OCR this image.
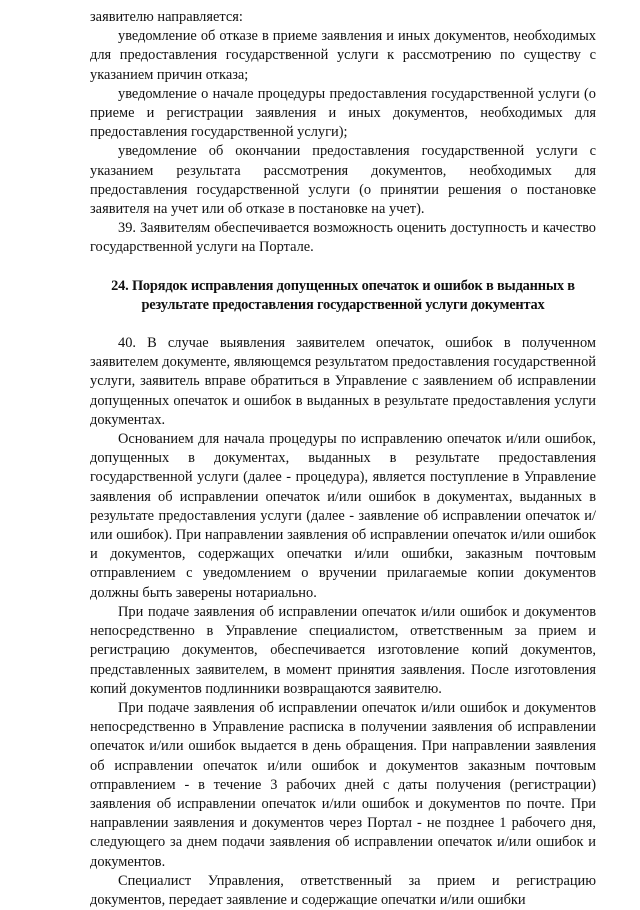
заявителю направляется:

уведомление об отказе в приеме заявления и иных документов, необходимых для предоставления государственной услуги к рассмотрению по существу с указанием причин отказа;

уведомление о начале процедуры предоставления государственной услуги (о приеме и регистрации заявления и иных документов, необходимых для предоставления государственной услуги);

уведомление об окончании предоставления государственной услуги с указанием результата рассмотрения документов, необходимых для предоставления государственной услуги (о принятии решения о постановке заявителя на учет или об отказе в постановке на учет).

39. Заявителям обеспечивается возможность оценить доступность и качество государственной услуги на Портале.

24. Порядок исправления допущенных опечаток и ошибок в выданных в результате предоставления государственной услуги документах

40. В случае выявления заявителем опечаток, ошибок в полученном заявителем документе, являющемся результатом предоставления государственной услуги, заявитель вправе обратиться в Управление с заявлением об исправлении допущенных опечаток и ошибок в выданных в результате предоставления услуги документах.

Основанием для начала процедуры по исправлению опечаток и/или ошибок, допущенных в документах, выданных в результате предоставления государственной услуги (далее - процедура), является поступление в Управление заявления об исправлении опечаток и/или ошибок в документах, выданных в результате предоставления услуги (далее - заявление об исправлении опечаток и/или ошибок). При направлении заявления об исправлении опечаток и/или ошибок и документов, содержащих опечатки и/или ошибки, заказным почтовым отправлением с уведомлением о вручении прилагаемые копии документов должны быть заверены нотариально.

При подаче заявления об исправлении опечаток и/или ошибок и документов непосредственно в Управление специалистом, ответственным за прием и регистрацию документов, обеспечивается изготовление копий документов, представленных заявителем, в момент принятия заявления. После изготовления копий документов подлинники возвращаются заявителю.

При подаче заявления об исправлении опечаток и/или ошибок и документов непосредственно в Управление расписка в получении заявления об исправлении опечаток и/или ошибок выдается в день обращения. При направлении заявления об исправлении опечаток и/или ошибок и документов заказным почтовым отправлением - в течение 3 рабочих дней с даты получения (регистрации) заявления об исправлении опечаток и/или ошибок и документов по почте. При направлении заявления и документов через Портал - не позднее 1 рабочего дня, следующего за днем подачи заявления об исправлении опечаток и/или ошибок и документов.

Специалист Управления, ответственный за прием и регистрацию документов, передает заявление и содержащие опечатки и/или ошибки
